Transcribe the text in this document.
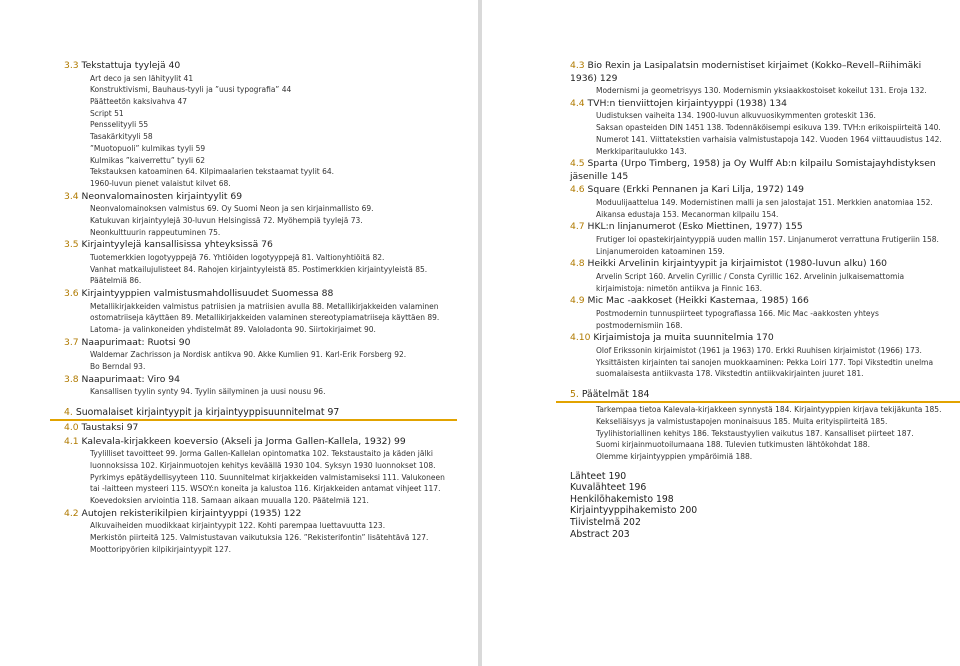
3.3 Tekstattuja tyylejä 40
Art deco ja sen lähityylit 41
Konstruktivismi, Bauhaus-tyyli ja ”uusi typografia” 44
Päätteetön kaksivahva 47
Script 51
Pensselityyli 55
Tasakärkityyli 58
”Muotopuoli” kulmikas tyyli 59
Kulmikas ”kaiverrettu” tyyli 62
Tekstauksen katoaminen 64. Kilpimaalarien tekstaamat tyylit 64.
1960-luvun pienet valaistut kilvet 68.
3.4 Neonvalomainosten kirjaintyylit 69
Neonvalomainoksen valmistus 69. Oy Suomi Neon ja sen kirjainmallisto 69.
Katukuvan kirjaintyylejä 30-luvun Helsingissä 72. Myöhempiä tyylejä 73.
Neonkulttuurin rappeutuminen 75.
3.5 Kirjaintyylejä kansallisissa yhteyksissä 76
Tuotemerkkien logotyyppejä 76. Yhtiöiden logotyyppejä 81. Valtionyhtiöitä 82.
Vanhat matkailujulisteet 84. Rahojen kirjaintyyleistä 85. Postimerkkien kirjaintyyleistä 85.
Päätelmiä 86.
3.6 Kirjaintyyppien valmistusmahdollisuudet Suomessa 88
Metallikirjakkeiden valmistus patriisien ja matriisien avulla 88. Metallikirjakkeiden valaminen
ostomatriiseja käyttäen 89. Metallikirjakkeiden valaminen stereotypiamatriiseja käyttäen 89.
Latoma- ja valinkoneiden yhdistelmät 89. Valoladonta 90. Siirtokirjaimet 90.
3.7 Naapurimaat: Ruotsi 90
Waldemar Zachrisson ja Nordisk antikva 90. Akke Kumlien 91. Karl-Erik Forsberg 92.
Bo Berndal 93.
3.8 Naapurimaat: Viro 94
Kansallisen tyylin synty 94. Tyylin säilyminen ja uusi nousu 96.
4. Suomalaiset kirjaintyypit ja kirjaintyyppisuunnitelmat 97
4.0 Taustaksi 97
4.1 Kalevala-kirjakkeen koeversio (Akseli ja Jorma Gallen-Kallela, 1932) 99
Tyylilliset tavoitteet 99. Jorma Gallen-Kallelan opintomatka 102. Tekstaustaito ja käden jälki
luonnoksissa 102. Kirjainmuotojen kehitys keväällä 1930 104. Syksyn 1930 luonnokset 108.
Pyrkimys epätäydellisyyteen 110. Suunnitelmat kirjakkeiden valmistamiseksi 111. Valukoneen
tai -laitteen mysteeri 115. WSOY:n koneita ja kalustoa 116. Kirjakkeiden antamat vihjeet 117.
Koevedoksien arviointia 118. Samaan aikaan muualla 120. Päätelmiä 121.
4.2 Autojen rekisterikilpien kirjaintyyppi (1935) 122
Alkuvaiheiden muodikkaat kirjaintyypit 122. Kohti parempaa luettavuutta 123.
Merkistön piirteitä 125. Valmistustavan vaikutuksia 126. ”Rekisterifontin” lisätehtävä 127.
Moottoripyörien kilpikirjaintyypit 127.
4.3 Bio Rexin ja Lasipalatsin modernistiset kirjaimet (Kokko–Revell–Riihimäki 1936) 129
Modernismi ja geometrisyys 130. Modernismin yksiaakkostoiset kokeilut 131. Eroja 132.
4.4 TVH:n tienviittojen kirjaintyyppi (1938) 134
Uudistuksen vaiheita 134. 1900-luvun alkuvuosikymmenten groteskit 136.
Saksan opasteiden DIN 1451 138. Todennäköisempi esikuva 139. TVH:n erikoispiirteitä 140.
Numerot 141. Viittatekstien varhaisia valmistustapoja 142. Vuoden 1964 viittauudistus 142.
Merkkiparitaulukko 143.
4.5 Sparta (Urpo Timberg, 1958) ja Oy Wulff Ab:n kilpailu Somistajayhdistyksen jäsenille 145
4.6 Square (Erkki Pennanen ja Kari Lilja, 1972) 149
Moduulijaattelua 149. Modernistinen malli ja sen jalostajat 151. Merkkien anatomiaa 152.
Aikansa edustaja 153. Mecanorman kilpailu 154.
4.7 HKL:n linjanumerot (Esko Miettinen, 1977) 155
Frutiger loi opastekirjaintyyppiä uuden mallin 157. Linjanumerot verrattuna Frutigeriin 158.
Linjanumeroiden katoaminen 159.
4.8 Heikki Arvelinin kirjaintyypit ja kirjaimistot (1980-luvun alku) 160
Arvelin Script 160. Arvelin Cyrillic / Consta Cyrillic 162. Arvelinin julkaisemattomia
kirjaimistoja: nimetön antiikva ja Finnic 163.
4.9 Mic Mac -aakkoset (Heikki Kastemaa, 1985) 166
Postmodernin tunnuspiirteet typografiassa 166. Mic Mac -aakkosten yhteys
postmodernismiin 168.
4.10 Kirjaimistoja ja muita suunnitelmia 170
Olof Erikssonin kirjaimistot (1961 ja 1963) 170. Erkki Ruuhisen kirjaimistot (1966) 173.
Yksittäisten kirjainten tai sanojen muokkaaminen: Pekka Loiri 177. Topi Vikstedtin unelma
suomalaisesta antiikvasta 178. Vikstedtin antiikvakirjainten juuret 181.
5. Päätelmät 184
Tarkempaa tietoa Kalevala-kirjakkeen synnystä 184. Kirjaintyyppien kirjava tekijäkunta 185.
Kekseliäisyys ja valmistustapojen moninaisuus 185. Muita erityispiirteitä 185.
Tyylihistoriallinen kehitys 186. Tekstaustyylien vaikutus 187. Kansalliset piirteet 187.
Suomi kirjainmuotoilumaana 188. Tulevien tutkimusten lähtökohdat 188.
Olemme kirjaintyyppien ympäröimiä 188.
Lähteet 190
Kuvalähteet 196
Henkilöhakemisto 198
Kirjaintyyppihakemisto 200
Tiivistelmä 202
Abstract 203
